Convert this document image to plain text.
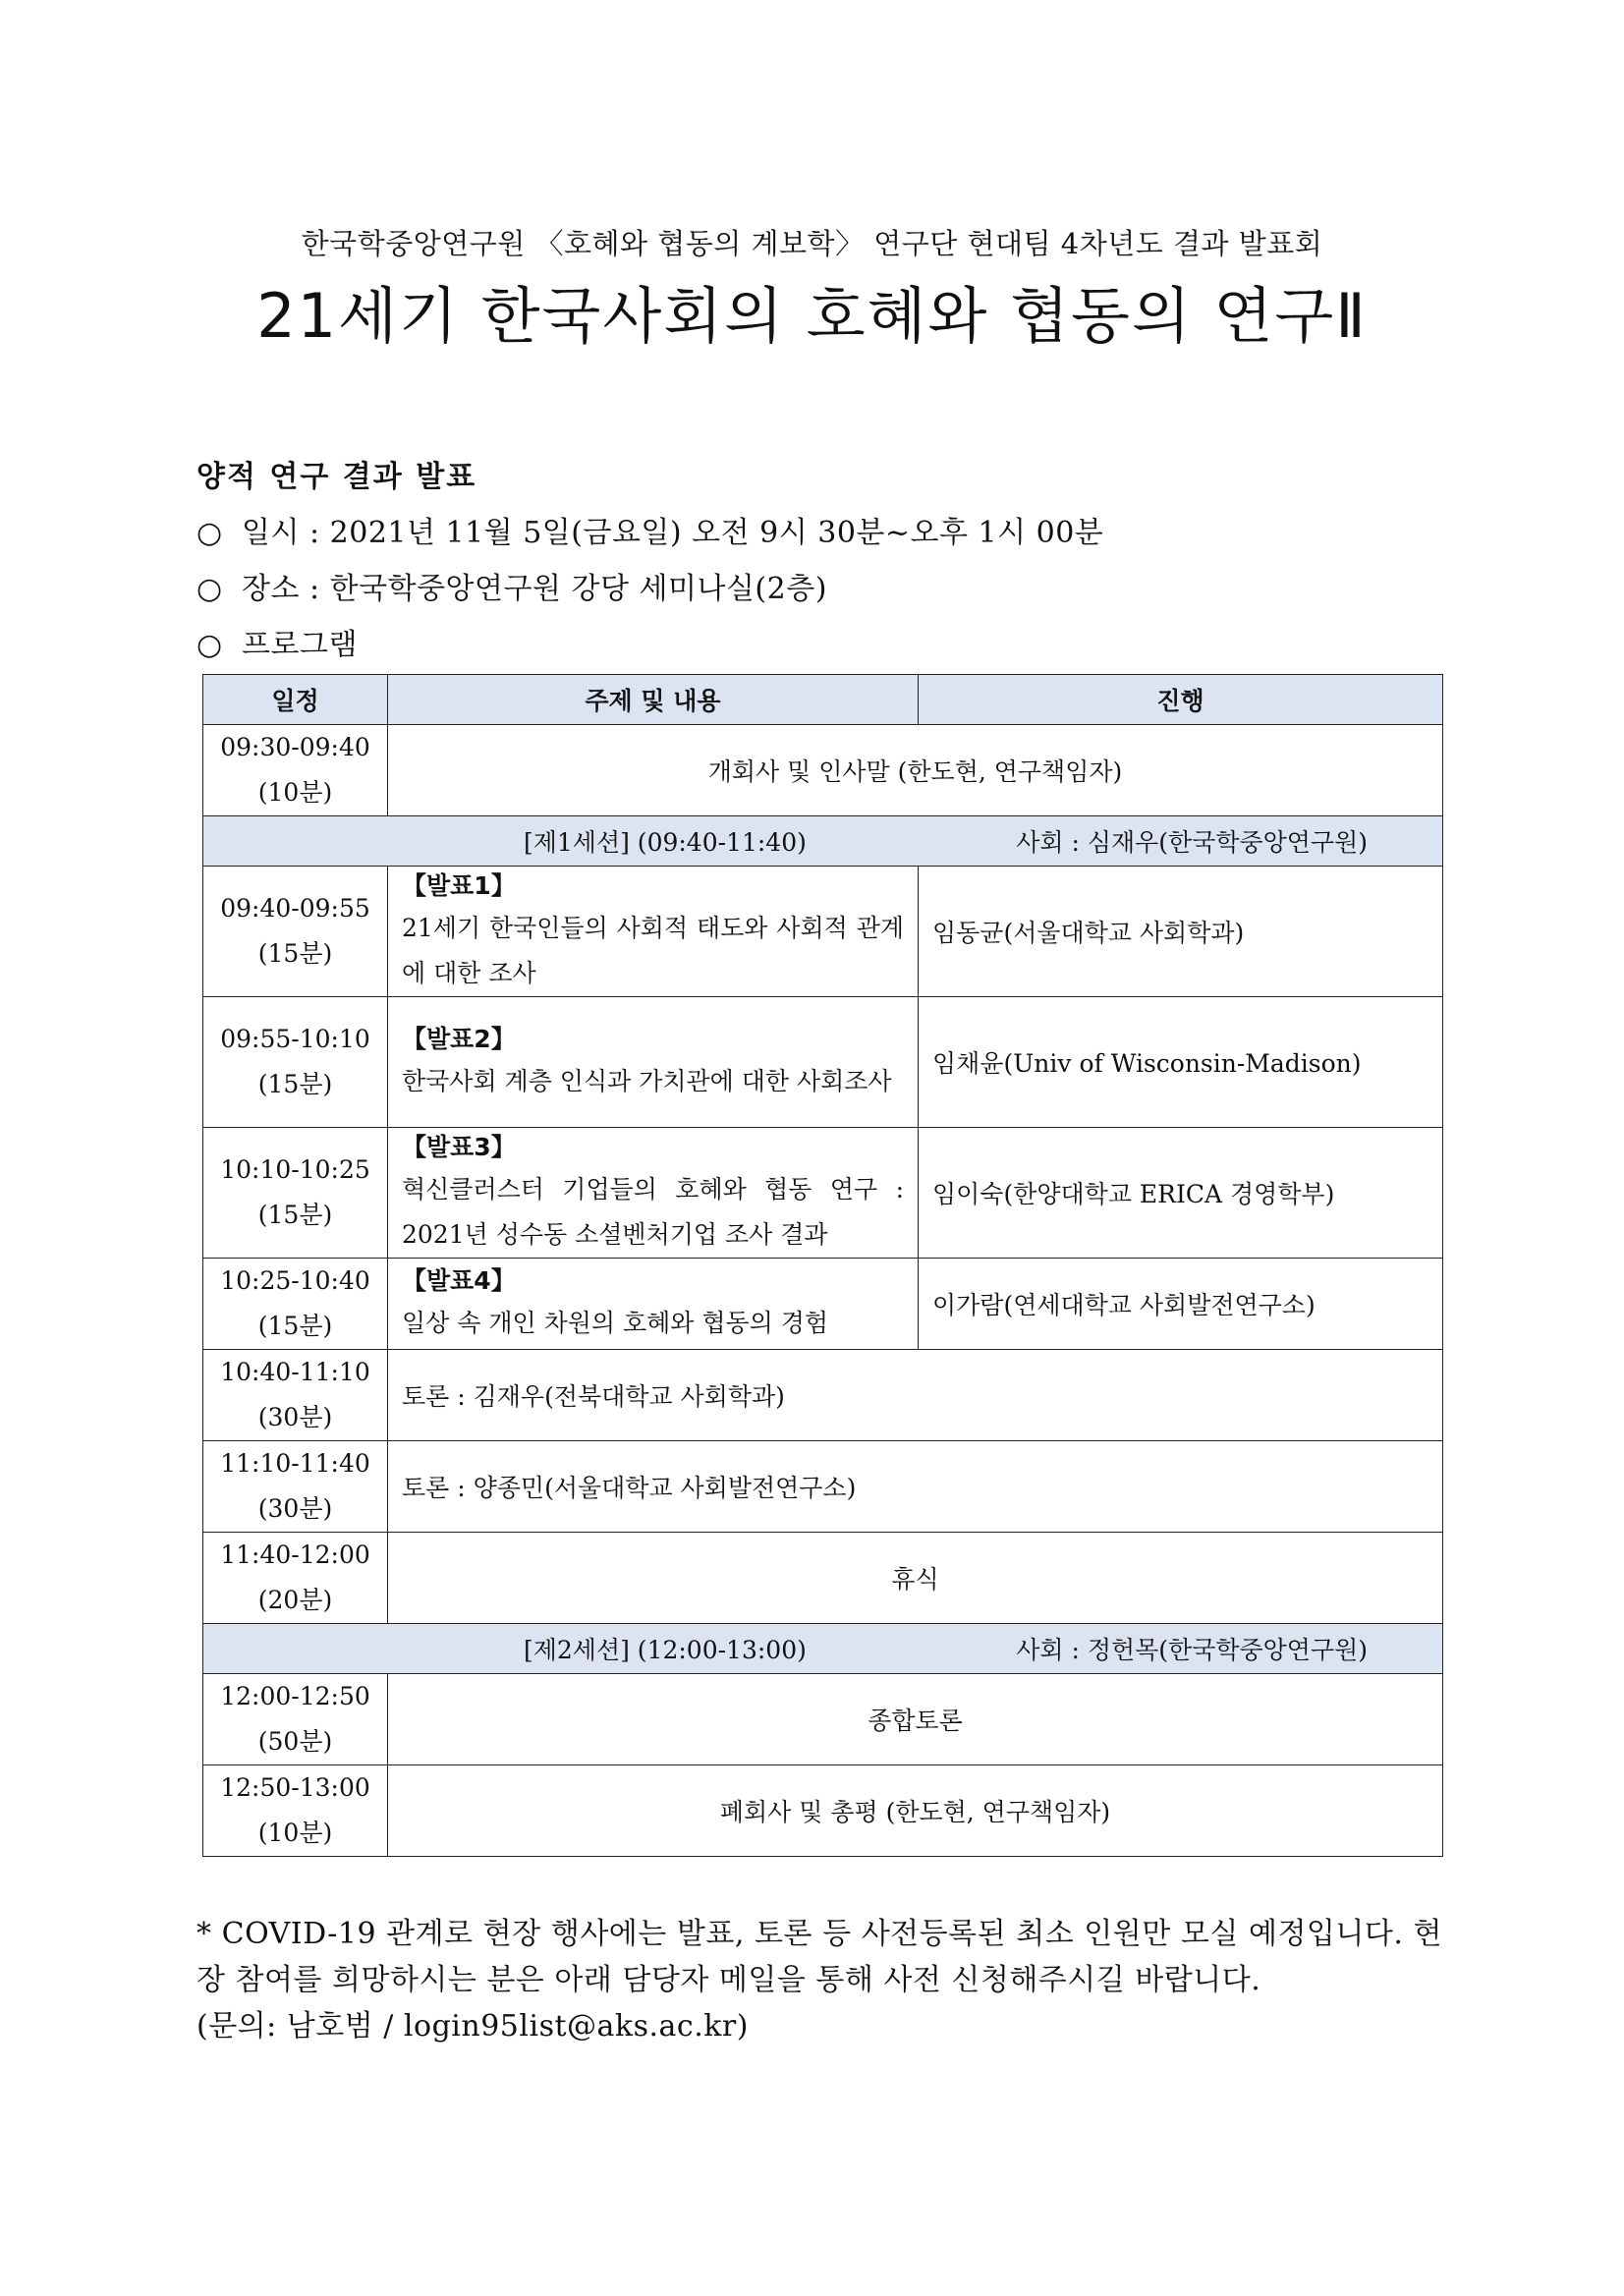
한국학중앙연구원 〈호혜와 협동의 계보학〉 연구단 현대팀 4차년도 결과 발표회
21세기 한국사회의 호혜와 협동의 연구Ⅱ
양적 연구 결과 발표
○ 일시 : 2021년 11월 5일(금요일) 오전 9시 30분~오후 1시 00분
○ 장소 : 한국학중앙연구원 강당 세미나실(2층)
○ 프로그램
일정	주제 및 내용	진행

09:30-09:40
(10분)	개회사 및 인사말 (한도현, 연구책임자)	

[제1세션] (09:40-11:40) 사회 : 심재우(한국학중앙연구원)		

09:40-09:55
(15분)	【발표1】
21세기 한국인들의 사회적 태도와 사회적 관계에 대한 조사	임동균(서울대학교 사회학과)

09:55-10:10
(15분)	【발표2】
한국사회 계층 인식과 가치관에 대한 사회조사	임채윤(Univ of Wisconsin-Madison)

10:10-10:25
(15분)	【발표3】
혁신클러스터 기업들의 호혜와 협동 연구 : 2021년 성수동 소셜벤처기업 조사 결과	임이숙(한양대학교 ERICA 경영학부)

10:25-10:40
(15분)	【발표4】
일상 속 개인 차원의 호혜와 협동의 경험	이가람(연세대학교 사회발전연구소)

10:40-11:10
(30분)	토론 : 김재우(전북대학교 사회학과)	

11:10-11:40
(30분)	토론 : 양종민(서울대학교 사회발전연구소)	

11:40-12:00
(20분)	휴식	

[제2세션] (12:00-13:00) 사회 : 정헌목(한국학중앙연구원)		

12:00-12:50
(50분)	종합토론	

12:50-13:00
(10분)	폐회사 및 총평 (한도현, 연구책임자)	
* COVID-19 관계로 현장 행사에는 발표, 토론 등 사전등록된 최소 인원만 모실 예정입니다. 현장 참여를 희망하시는 분은 아래 담당자 메일을 통해 사전 신청해주시길 바랍니다.
(문의: 남호범 / login95list@aks.ac.kr)
